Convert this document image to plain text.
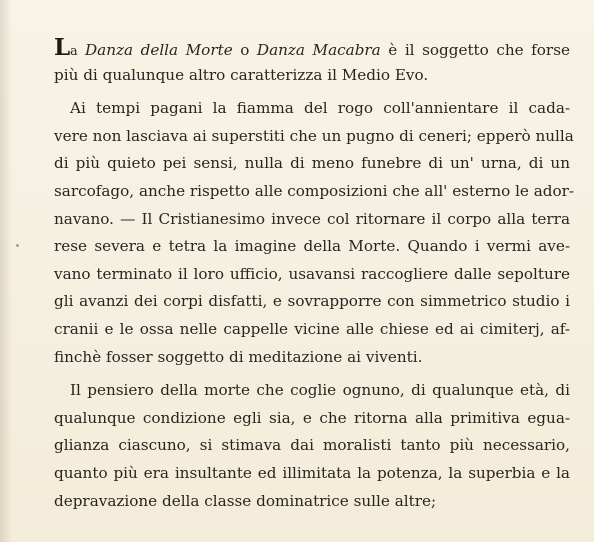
La Danza della Morte o Danza Macabra è il soggetto che forse
più di qualunque altro caratterizza il Medio Evo.
Ai tempi pagani la fiamma del rogo coll'annientare il cada-
vere non lasciava ai superstiti che un pugno di ceneri; epperò nulla
di più quieto pei sensi, nulla di meno funebre di un' urna, di un
sarcofago, anche rispetto alle composizioni che all' esterno le ador-
navano. — Il Cristianesimo invece col ritornare il corpo alla terra
rese severa e tetra la imagine della Morte. Quando i vermi ave-
vano terminato il loro ufficio, usavansi raccogliere dalle sepolture
gli avanzi dei corpi disfatti, e sovrapporre con simmetrico studio i
cranii e le ossa nelle cappelle vicine alle chiese ed ai cimiterj, af-
finchè fosser soggetto di meditazione ai viventi.
Il pensiero della morte che coglie ognuno, di qualunque età, di
qualunque condizione egli sia, e che ritorna alla primitiva egua-
glianza ciascuno, si stimava dai moralisti tanto più necessario,
quanto più era insultante ed illimitata la potenza, la superbia e la
depravazione della classe dominatrice sulle altre;
